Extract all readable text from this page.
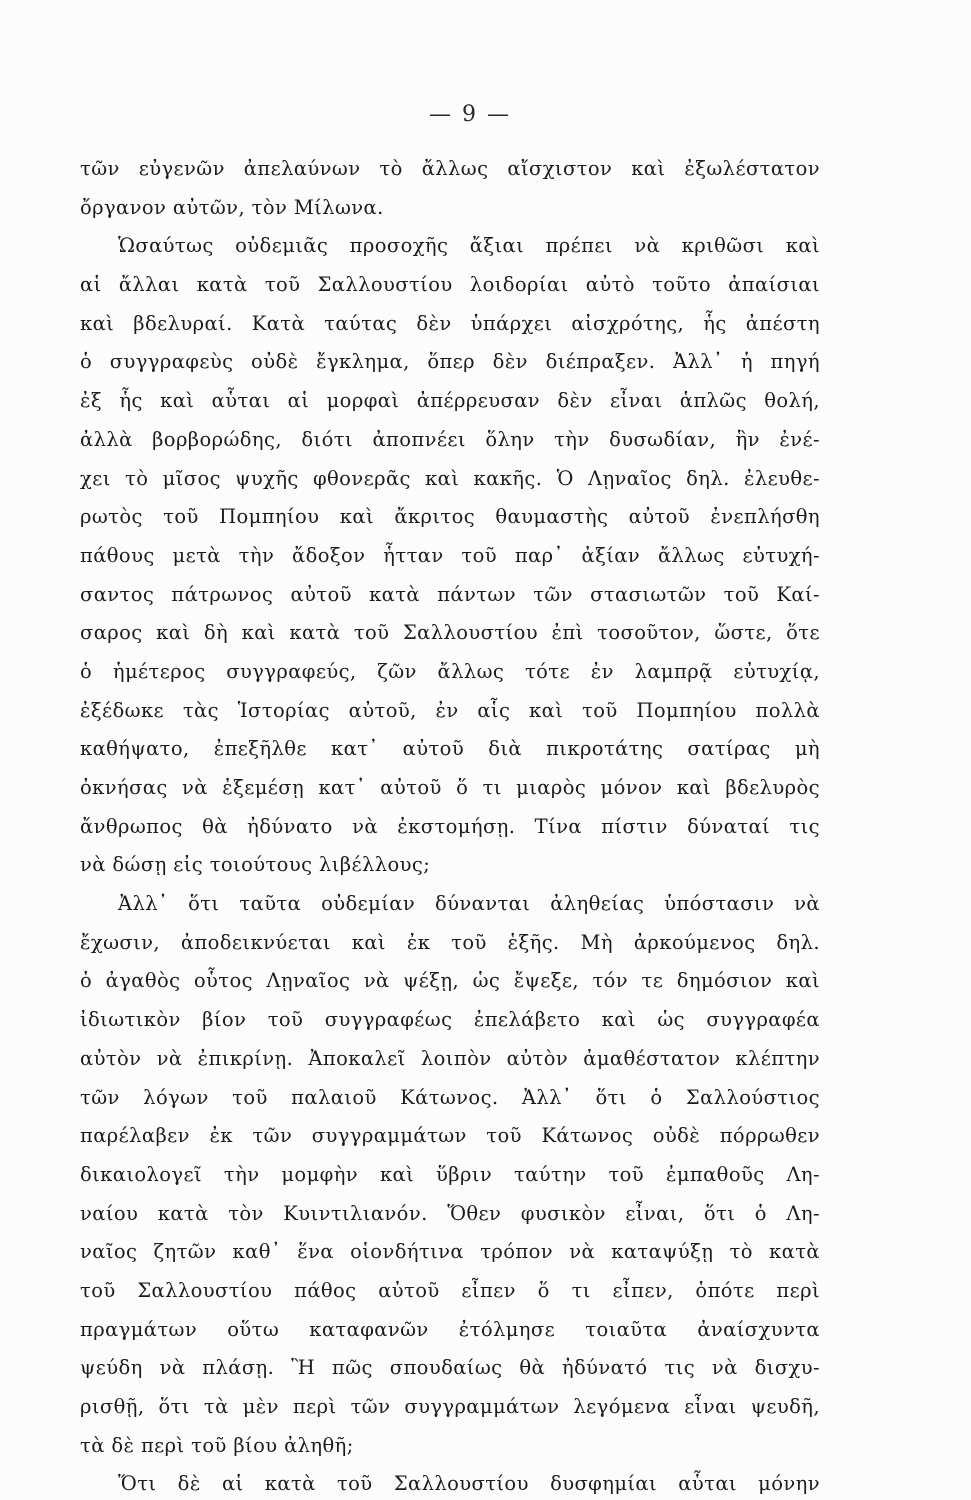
— 9 —
τῶν εὐγενῶν ἀπελαύνων τὸ ἄλλως αἴσχιστον καὶ ἐξωλέστατον
ὄργανον αὐτῶν, τὸν Μίλωνα.
Ὡσαύτως οὐδεμιᾶς προσοχῆς ἄξιαι πρέπει νὰ κριθῶσι καὶ
αἱ ἄλλαι κατὰ τοῦ Σαλλουστίου λοιδορίαι αὐτὸ τοῦτο ἀπαίσιαι
καὶ βδελυραί. Κατὰ ταύτας δὲν ὑπάρχει αἰσχρότης, ἧς ἀπέστη
ὁ συγγραφεὺς οὐδὲ ἔγκλημα, ὅπερ δὲν διέπραξεν. Ἀλλ᾿ ἡ πηγή
ἐξ ἧς καὶ αὗται αἱ μορφαὶ ἀπέρρευσαν δὲν εἶναι ἁπλῶς θολή,
ἀλλὰ βορβορώδης, διότι ἀποπνέει ὅλην τὴν δυσωδίαν, ἣν ἐνέ-
χει τὸ μῖσος ψυχῆς φθονερᾶς καὶ κακῆς. Ὁ Λῃναῖος δηλ. ἐλευθε-
ρωτὸς τοῦ Πομπηίου καὶ ἄκριτος θαυμαστὴς αὐτοῦ ἐνεπλήσθη
πάθους μετὰ τὴν ἄδοξον ἧτταν τοῦ παρ᾿ ἀξίαν ἄλλως εὐτυχή-
σαντος πάτρωνος αὐτοῦ κατὰ πάντων τῶν στασιωτῶν τοῦ Καί-
σαρος καὶ δὴ καὶ κατὰ τοῦ Σαλλουστίου ἐπὶ τοσοῦτον, ὥστε, ὅτε
ὁ ἡμέτερος συγγραφεύς, ζῶν ἄλλως τότε ἐν λαμπρᾷ εὐτυχίᾳ,
ἐξέδωκε τὰς Ἱστορίας αὐτοῦ, ἐν αἷς καὶ τοῦ Πομπηίου πολλὰ
καθήψατο, ἐπεξῆλθε κατ᾿ αὐτοῦ διὰ πικροτάτης σατίρας μὴ
ὀκνήσας νὰ ἐξεμέσῃ κατ᾿ αὐτοῦ ὅ τι μιαρὸς μόνον καὶ βδελυρὸς
ἄνθρωπος θὰ ἠδύνατο νὰ ἐκστομήσῃ. Τίνα πίστιν δύναταί τις
νὰ δώσῃ εἰς τοιούτους λιβέλλους;
Ἀλλ᾿ ὅτι ταῦτα οὐδεμίαν δύνανται ἀληθείας ὑπόστασιν νὰ
ἔχωσιν, ἀποδεικνύεται καὶ ἐκ τοῦ ἑξῆς. Μὴ ἀρκούμενος δηλ.
ὁ ἀγαθὸς οὗτος Λῃναῖος νὰ ψέξῃ, ὡς ἔψεξε, τόν τε δημόσιον καὶ
ἰδιωτικὸν βίον τοῦ συγγραφέως ἐπελάβετο καὶ ὡς συγγραφέα
αὐτὸν νὰ ἐπικρίνῃ. Ἀποκαλεῖ λοιπὸν αὐτὸν ἀμαθέστατον κλέπτην
τῶν λόγων τοῦ παλαιοῦ Κάτωνος. Ἀλλ᾿ ὅτι ὁ Σαλλούστιος
παρέλαβεν ἐκ τῶν συγγραμμάτων τοῦ Κάτωνος οὐδὲ πόρρωθεν
δικαιολογεῖ τὴν μομφὴν καὶ ὕβριν ταύτην τοῦ ἐμπαθοῦς Λη-
ναίου κατὰ τὸν Κυιντιλιανόν. Ὅθεν φυσικὸν εἶναι, ὅτι ὁ Λη-
ναῖος ζητῶν καθ᾿ ἕνα οἱονδήτινα τρόπον νὰ καταψύξῃ τὸ κατὰ
τοῦ Σαλλουστίου πάθος αὐτοῦ εἶπεν ὅ τι εἶπεν, ὁπότε περὶ
πραγμάτων οὕτω καταφανῶν ἐτόλμησε τοιαῦτα ἀναίσχυντα
ψεύδη νὰ πλάσῃ. Ἢ πῶς σπουδαίως θὰ ἠδύνατό τις νὰ δισχυ-
ρισθῇ, ὅτι τὰ μὲν περὶ τῶν συγγραμμάτων λεγόμενα εἶναι ψευδῆ,
τὰ δὲ περὶ τοῦ βίου ἀληθῆ;
Ὅτι δὲ αἱ κατὰ τοῦ Σαλλουστίου δυσφημίαι αὗται μόνην
